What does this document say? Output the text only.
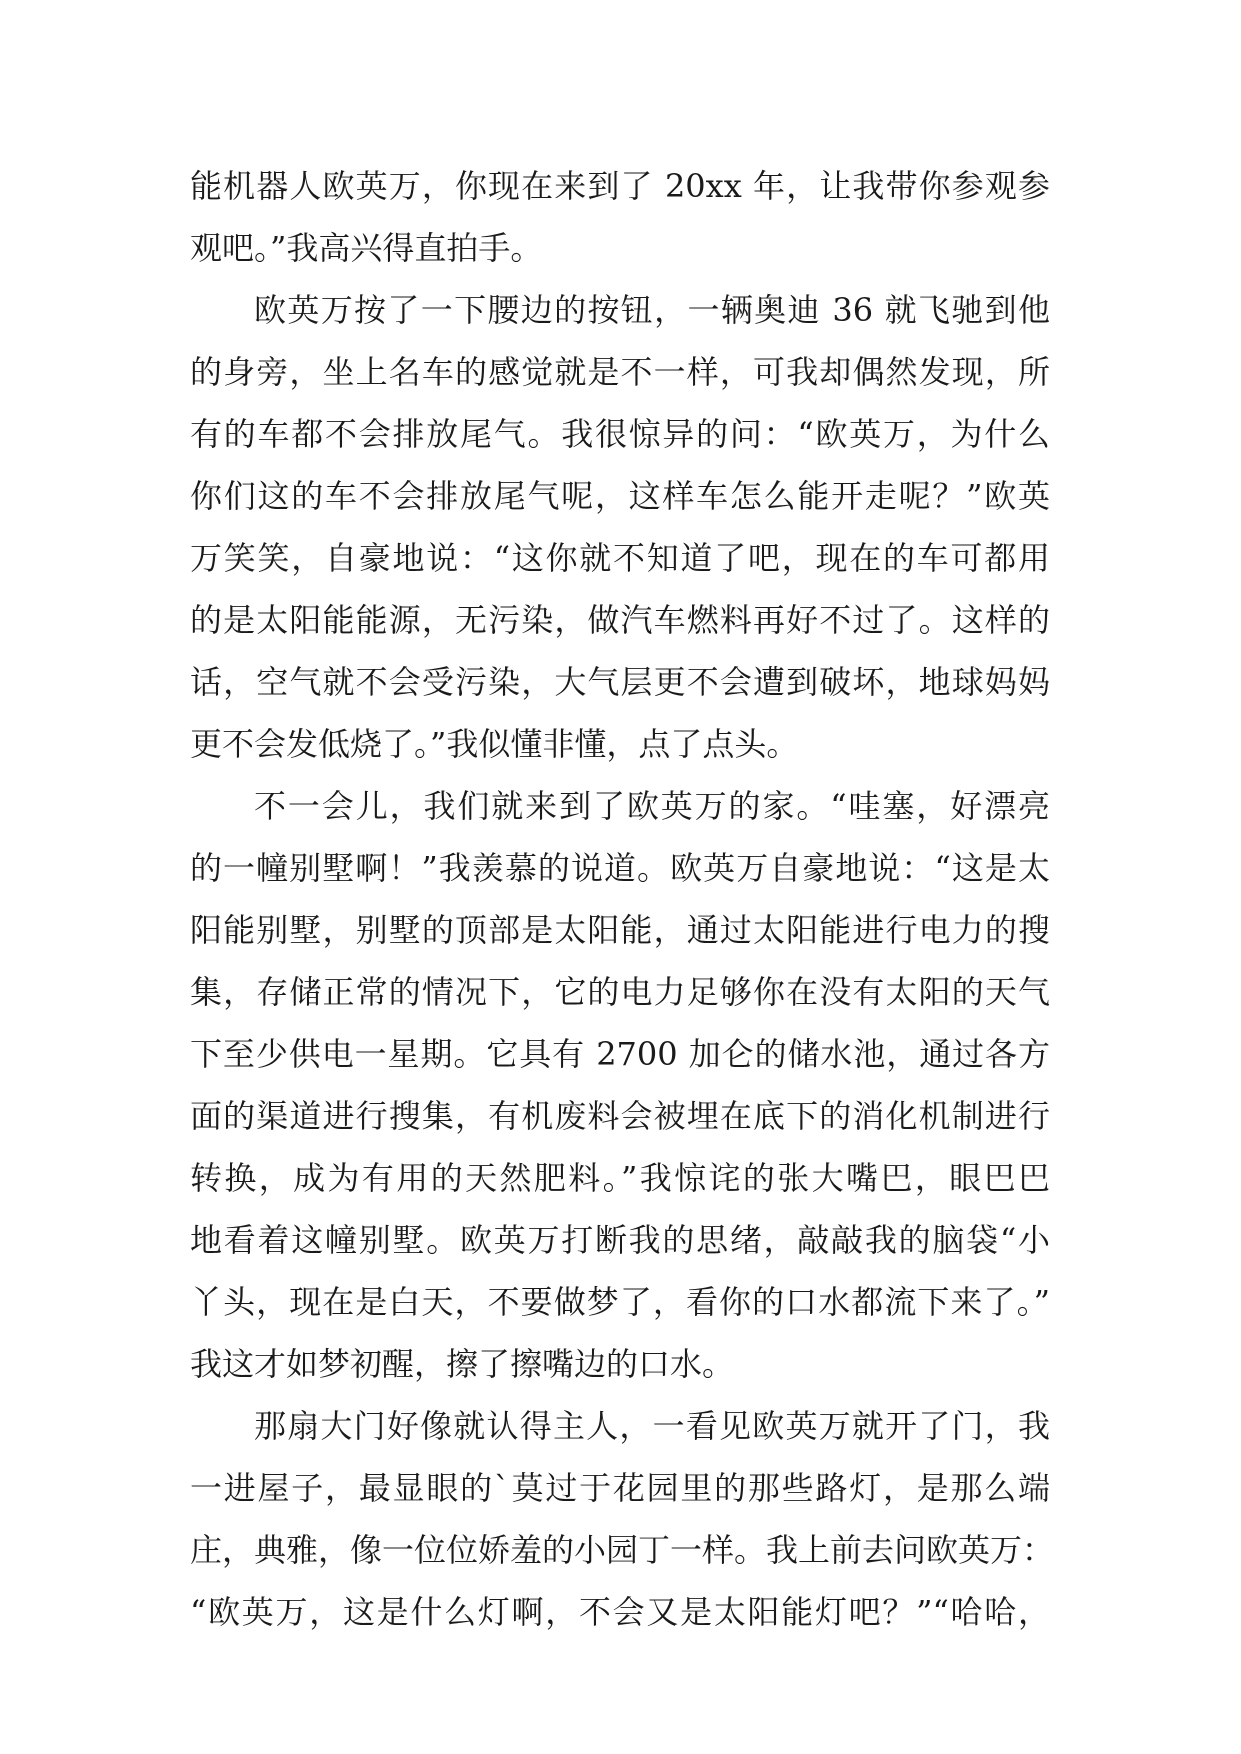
能机器人欧英万，你现在来到了 20xx 年，让我带你参观参
观吧。”我高兴得直拍手。
欧英万按了一下腰边的按钮，一辆奥迪 36 就飞驰到他
的身旁，坐上名车的感觉就是不一样，可我却偶然发现，所
有的车都不会排放尾气。我很惊异的问：“欧英万，为什么
你们这的车不会排放尾气呢，这样车怎么能开走呢？”欧英
万笑笑，自豪地说：“这你就不知道了吧，现在的车可都用
的是太阳能能源，无污染，做汽车燃料再好不过了。这样的
话，空气就不会受污染，大气层更不会遭到破坏，地球妈妈
更不会发低烧了。”我似懂非懂，点了点头。
不一会儿，我们就来到了欧英万的家。“哇塞，好漂亮
的一幢别墅啊！”我羡慕的说道。欧英万自豪地说：“这是太
阳能别墅，别墅的顶部是太阳能，通过太阳能进行电力的搜
集，存储正常的情况下，它的电力足够你在没有太阳的天气
下至少供电一星期。它具有 2700 加仑的储水池，通过各方
面的渠道进行搜集，有机废料会被埋在底下的消化机制进行
转换，成为有用的天然肥料。”我惊诧的张大嘴巴，眼巴巴
地看着这幢别墅。欧英万打断我的思绪，敲敲我的脑袋“小
丫头，现在是白天，不要做梦了，看你的口水都流下来了。”
我这才如梦初醒，擦了擦嘴边的口水。
那扇大门好像就认得主人，一看见欧英万就开了门，我
一进屋子，最显眼的`莫过于花园里的那些路灯，是那么端
庄，典雅，像一位位娇羞的小园丁一样。我上前去问欧英万：
“欧英万，这是什么灯啊，不会又是太阳能灯吧？”“哈哈，
